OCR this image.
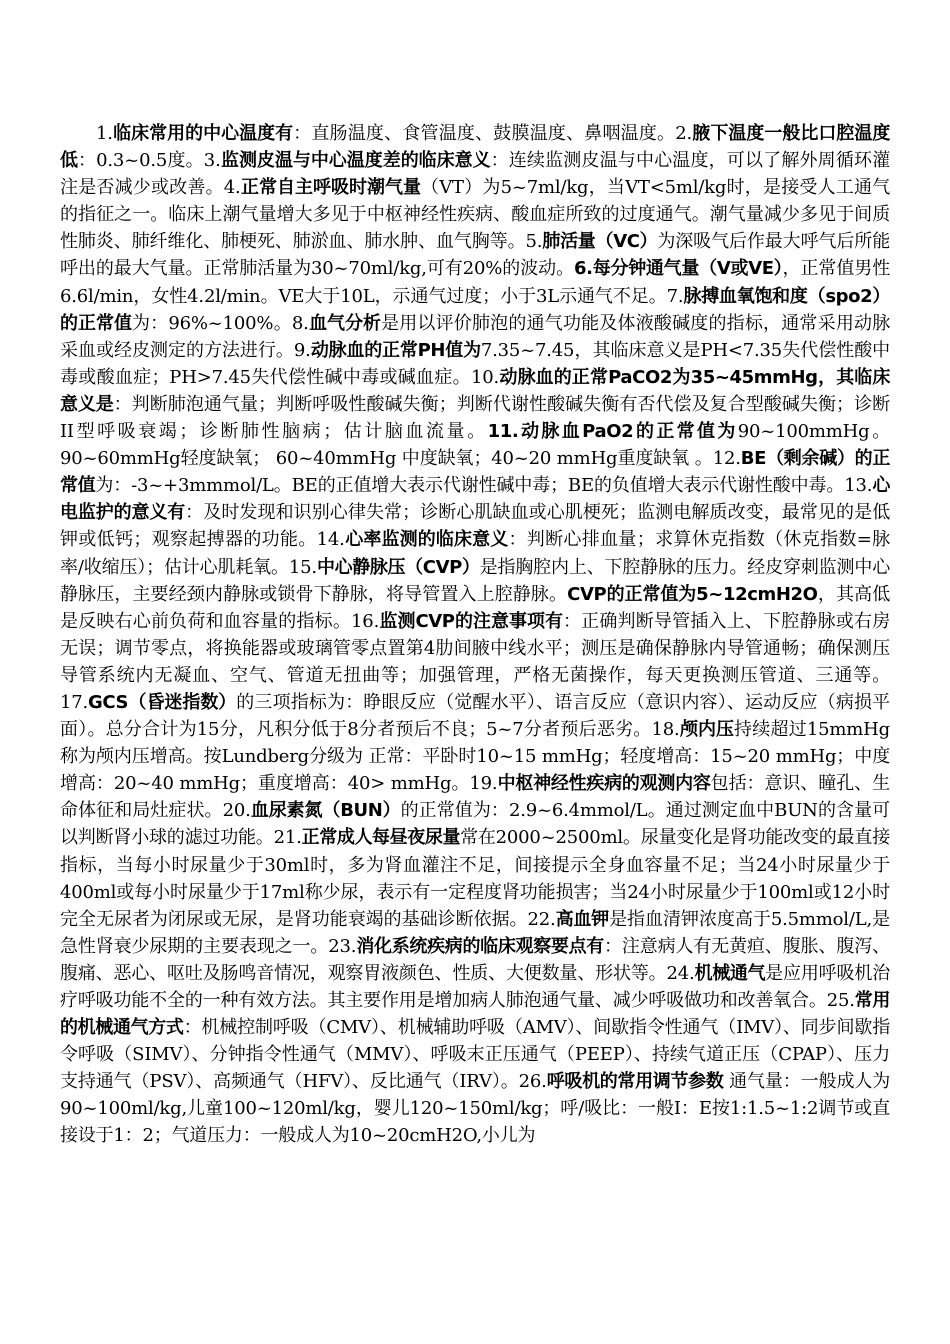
1.临床常用的中心温度有：直肠温度、食管温度、鼓膜温度、鼻咽温度。2.腋下温度一般比口腔温度低：0.3~0.5度。3.监测皮温与中心温度差的临床意义：连续监测皮温与中心温度，可以了解外周循环灌注是否减少或改善。4.正常自主呼吸时潮气量（VT）为5~7ml/kg，当VT<5ml/kg时，是接受人工通气的指征之一。临床上潮气量增大多见于中枢神经性疾病、酸血症所致的过度通气。潮气量减少多见于间质性肺炎、肺纤维化、肺梗死、肺淤血、肺水肿、血气胸等。5.肺活量（VC）为深吸气后作最大呼气后所能呼出的最大气量。正常肺活量为30~70ml/kg,可有20%的波动。6.每分钟通气量（V或VE），正常值男性6.6l/min，女性4.2l/min。VE大于10L，示通气过度；小于3L示通气不足。7.脉搏血氧饱和度（spo2）的正常值为：96%~100%。8.血气分析是用以评价肺泡的通气功能及体液酸碱度的指标，通常采用动脉采血或经皮测定的方法进行。9.动脉血的正常PH值为7.35~7.45，其临床意义是PH<7.35失代偿性酸中毒或酸血症；PH>7.45失代偿性碱中毒或碱血症。10.动脉血的正常PaCO2为35~45mmHg，其临床意义是：判断肺泡通气量；判断呼吸性酸碱失衡；判断代谢性酸碱失衡有否代偿及复合型酸碱失衡；诊断II型呼吸衰竭；诊断肺性脑病；估计脑血流量。11.动脉血PaO2的正常值为90~100mmHg。90~60mmHg轻度缺氧； 60~40mmHg 中度缺氧；40~20 mmHg重度缺氧 。12.BE（剩余碱）的正常值为：-3~+3mmmol/L。BE的正值增大表示代谢性碱中毒；BE的负值增大表示代谢性酸中毒。13.心电监护的意义有：及时发现和识别心律失常；诊断心肌缺血或心肌梗死；监测电解质改变，最常见的是低钾或低钙；观察起搏器的功能。14.心率监测的临床意义：判断心排血量；求算休克指数（休克指数=脉率/收缩压）；估计心肌耗氧。15.中心静脉压（CVP）是指胸腔内上、下腔静脉的压力。经皮穿刺监测中心静脉压，主要经颈内静脉或锁骨下静脉，将导管置入上腔静脉。CVP的正常值为5~12cmH2O，其高低是反映右心前负荷和血容量的指标。16.监测CVP的注意事项有：正确判断导管插入上、下腔静脉或右房无误；调节零点，将换能器或玻璃管零点置第4肋间腋中线水平；测压是确保静脉内导管通畅；确保测压导管系统内无凝血、空气、管道无扭曲等；加强管理，严格无菌操作，每天更换测压管道、三通等。17.GCS（昏迷指数）的三项指标为：睁眼反应（觉醒水平）、语言反应（意识内容）、运动反应（病损平面）。总分合计为15分，凡积分低于8分者预后不良；5~7分者预后恶劣。18.颅内压持续超过15mmHg称为颅内压增高。按Lundberg分级为 正常：平卧时10~15 mmHg；轻度增高：15~20 mmHg；中度增高：20~40 mmHg；重度增高：40> mmHg。19.中枢神经性疾病的观测内容包括：意识、瞳孔、生命体征和局灶症状。20.血尿素氮（BUN）的正常值为：2.9~6.4mmol/L。通过测定血中BUN的含量可以判断肾小球的滤过功能。21.正常成人每昼夜尿量常在2000~2500ml。尿量变化是肾功能改变的最直接指标，当每小时尿量少于30ml时，多为肾血灌注不足，间接提示全身血容量不足；当24小时尿量少于400ml或每小时尿量少于17ml称少尿，表示有一定程度肾功能损害；当24小时尿量少于100ml或12小时完全无尿者为闭尿或无尿，是肾功能衰竭的基础诊断依据。22.高血钾是指血清钾浓度高于5.5mmol/L,是急性肾衰少尿期的主要表现之一。23.消化系统疾病的临床观察要点有：注意病人有无黄疸、腹胀、腹泻、腹痛、恶心、呕吐及肠鸣音情况，观察胃液颜色、性质、大便数量、形状等。24.机械通气是应用呼吸机治疗呼吸功能不全的一种有效方法。其主要作用是增加病人肺泡通气量、减少呼吸做功和改善氧合。25.常用的机械通气方式：机械控制呼吸（CMV）、机械辅助呼吸（AMV）、间歇指令性通气（IMV）、同步间歇指令呼吸（SIMV）、分钟指令性通气（MMV）、呼吸末正压通气（PEEP）、持续气道正压（CPAP）、压力支持通气（PSV）、高频通气（HFV）、反比通气（IRV）。26.呼吸机的常用调节参数 通气量：一般成人为90~100ml/kg,儿童100~120ml/kg，婴儿120~150ml/kg；呼/吸比：一般I：E按1:1.5~1:2调节或直接设于1：2；气道压力：一般成人为10~20cmH2O,小儿为
